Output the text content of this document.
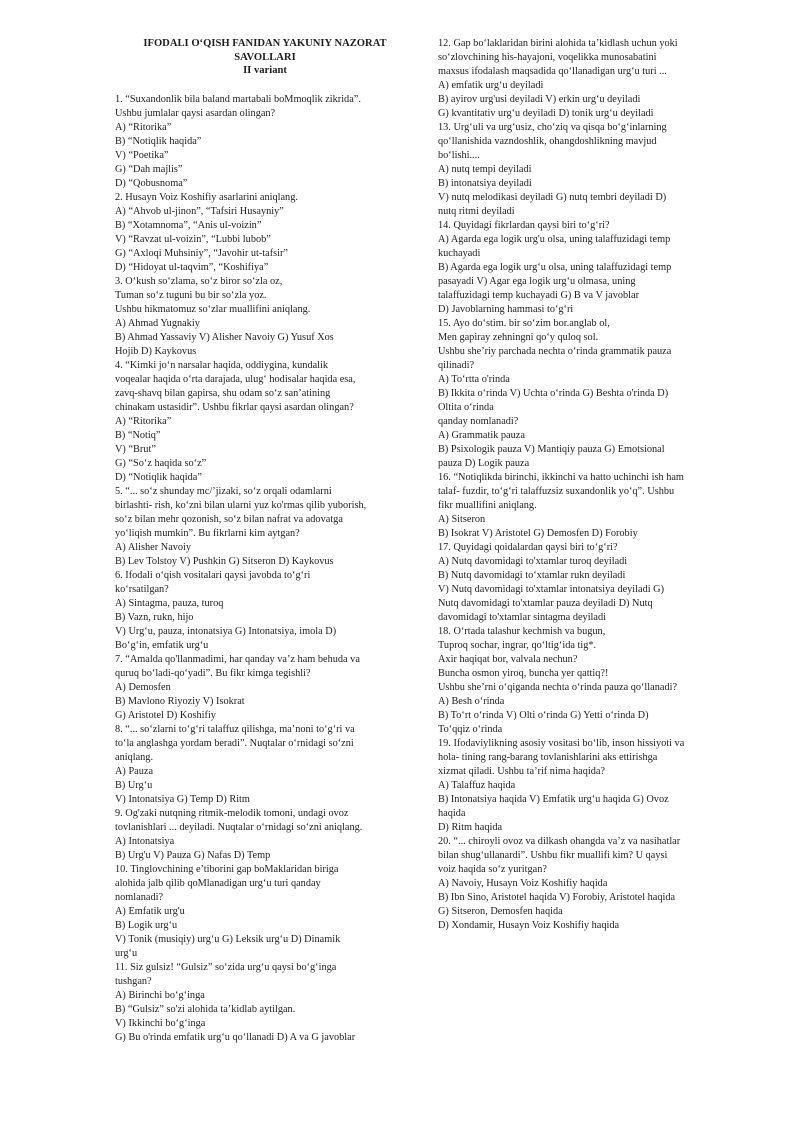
IFODALI O‘QISH FANIDAN YAKUNIY NAZORAT
SAVOLLARI
II variant
1. “Suxandonlik bila baland martabali boMmoqlik zikrida”.
Ushbu jumlalar qaysi asardan olingan?
A) “Ritorika”
B) “Notiqlik haqida”
V) “Poetika”
G) “Dah majlis”
D) “Qobusnoma”
2. Husayn Voiz Koshifiy asarlarini aniqlang.
A) “Ahvob ul-jinon”, “Tafsiri Husayniy”
B) “Xotamnoma”, “Anis ul-voizin”
V) “Ravzat ul-voizin”, “Lubbi lubob”
G) “Axloqi Muhsiniy”, “Javohir ut-tafsir”
D) “Hidoyat ul-taqvim”, “Koshifiya”
3. O‘kush so‘zlama, so‘z biror so‘zla oz,
Tuman so‘z tuguni bu bir so‘zla yoz.
Ushbu hikmatomuz so‘zlar muallifini aniqlang.
A) Ahmad Yugnakiy
B) Ahmad Yassaviy V) Alisher Navoiy G) Yusuf Xos
Hojib D) Kaykovus
4. “Kimki jo‘n narsalar haqida, oddiygina, kundalik
voqealar haqida o‘rta darajada, ulug‘ hodisalar haqida esa,
zavq-shavq bilan gapirsa, shu odam so‘z san’atining
chinakam ustasidir”. Ushbu fikrlar qaysi asardan olingan?
A) “Ritorika”
B) “Notiq”
V) “Brut”
G) “So‘z haqida so‘z”
D) “Notiqlik haqida”
5. “... so‘z shunday mc/’jizaki, so‘z orqali odamlarni
birlashti- rish, ko‘zni bilan ularni yuz ko'rmas qilib yuborish,
so‘z bilan mehr qozonish, so‘z bilan nafrat va adovatga
yo‘liqish mumkin”. Bu fikrlarni kim aytgan?
A) Alisher Navoiy
B) Lev Tolstoy V) Pushkin G) Sitseron D) Kaykovus
6. Ifodali o‘qish vositalari qaysi javobda to‘g‘ri
ko‘rsatilgan?
A) Sintagma, pauza, turoq
B) Vazn, rukn, hijo
V) Urg‘u, pauza, intonatsiya G) Intonatsiya, imola D)
Bo‘g‘in, emfatik urg‘u
7. “Amalda qo'llanmadimi, har qanday va’z ham behuda va
quruq bo‘ladi-qo‘yadi”. Bu fikr kimga tegishli?
A) Demosfen
B) Mavlono Riyoziy V) Isokrat
G) Aristotel D) Koshifiy
8. “... so‘zlarni to‘g‘ri talaffuz qilishga, ma’noni to‘g‘ri va
to‘la anglashga yordam beradi”. Nuqtalar o‘rnidagi so‘zni
aniqlang.
A) Pauza
B) Urg‘u
V) Intonatsiya G) Temp D) Ritm
9. Og'zaki nutqning ritmik-melodik tomoni, undagi ovoz
tovlanishlari ... deyiladi. Nuqtalar o‘rnidagi so‘zni aniqlang.
A) Intonatsiya
B) Urg'u V) Pauza G) Nafas D) Temp
10. Tinglovchining e’tiborini gap boMaklaridan biriga
alohida jalb qilib qoMlanadigan urg‘u turi qanday
nomlanadi?
A) Emfatik urg'u
B) Logik urg‘u
V) Tonik (musiqiy) urg‘u G) Leksik urg‘u D) Dinamik
urg‘u
11. Siz gulsiz! “Gulsiz” so‘zida urg‘u qaysi bo‘g‘inga
tushgan?
A) Birinchi bo‘g‘inga
B) “Gulsiz” so'zi alohida ta’kidlab aytilgan.
V) Ikkinchi bo‘g‘inga
G) Bu o'rinda emfatik urg‘u qo‘llanadi D) A va G javoblar
12. Gap bo‘laklaridan birini alohida ta’kidlash uchun yoki
so‘zlovchining his-hayajoni, voqelikka munosabatini
maxsus ifodalash maqsadida qo‘llanadigan urg‘u turi ...
A) emfatik urg‘u deyiladi
B) ayirov urg'usi deyiladi V) erkin urg‘u deyiladi
G) kvantitativ urg‘u deyiladi D) tonik urg‘u deyiladi
13. Urg‘uli va urg‘usiz, cho‘ziq va qisqa bo‘g‘inlarning
qo‘llanishida vazndoshlik, ohangdoshlikning mavjud
bo‘lishi....
A) nutq tempi deyiladi
B) intonatsiya deyiladi
V) nutq melodikasi deyiladi G) nutq tembri deyiladi D)
nutq ritmi deyiladi
14. Quyidagi fikrlardan qaysi biri to‘g‘ri?
A) Agarda ega logik urg'u olsa, uning talaffuzidagi temp
kuchayadi
B) Agarda ega logik urg‘u olsa, uning talaffuzidagi temp
pasayadi V) Agar ega logik urg‘u olmasa, uning
talaffuzidagi temp kuchayadi G) B va V javoblar
D) Javoblarning hammasi to‘g‘ri
15. Ayo do‘stim. bir so‘zim bor.anglab ol,
Men gapiray zehningni qo‘y quloq sol.
Ushbu she’riy parchada nechta o‘rinda grammatik pauza
qilinadi?
A) To‘rtta o'rinda
B) Ikkita o‘rinda V) Uchta o‘rinda G) Beshta o'rinda D)
Oltita o‘rinda
qanday nomlanadi?
A) Grammatik pauza
B) Psixologik pauza V) Mantiqiy pauza G) Emotsional
pauza D) Logik pauza
16. “Notiqlikda birinchi, ikkinchi va hatto uchinchi ish ham
talaf- fuzdir, to‘g‘ri talaffuzsiz suxandonlik yo‘q”. Ushbu
fikr muallifini aniqlang.
A) Sitseron
B) Isokrat V) Aristotel G) Demosfen D) Forobiy
17. Quyidagi qoidalardan qaysi biri to‘g‘ri?
A) Nutq davomidagi to'xtamlar turoq deyiladi
B) Nutq davomidagi to‘xtamlar rukn deyiladi
V) Nutq davomidagi to'xtamlar intonatsiya deyiladi G)
Nutq davomidagi to'xtamlar pauza deyiladi D) Nutq
davomidagi to'xtamlar sintagma deyiladi
18. O‘rtada talashur kechmish va bugun,
Tuproq sochar, ingrar, qo‘ltig‘ida tig*.
Axir haqiqat bor, valvala nechun?
Buncha osmon yiroq, buncha yer qattiq?!
Ushbu she’rni o‘qiganda nechta o‘rinda pauza qo‘llanadi?
A) Besh o‘rinda
B) To‘rt o‘rinda V) Olti o‘rinda G) Yetti o‘rinda D)
To‘qqiz o‘rinda
19. Ifodaviylikning asosiy vositasi bo‘lib, inson hissiyoti va
hola- tining rang-barang tovlanishlarini aks ettirishga
xizmat qiladi. Ushbu ta’rif nima haqida?
A) Talaffuz haqida
B) Intonatsiya haqida V) Emfatik urg‘u haqida G) Ovoz
haqida
D) Ritm haqida
20. “... chiroyli ovoz va dilkash ohangda va’z va nasihatlar
bilan shug‘ullanardi”. Ushbu fikr muallifi kim? U qaysi
voiz haqida so‘z yuritgan?
A) Navoiy, Husayn Voiz Koshifiy haqida
B) Ibn Sino, Aristotel haqida V) Forobiy, Aristotel haqida
G) Sitseron, Demosfen haqida
D) Xondamir, Husayn Voiz Koshifiy haqida
